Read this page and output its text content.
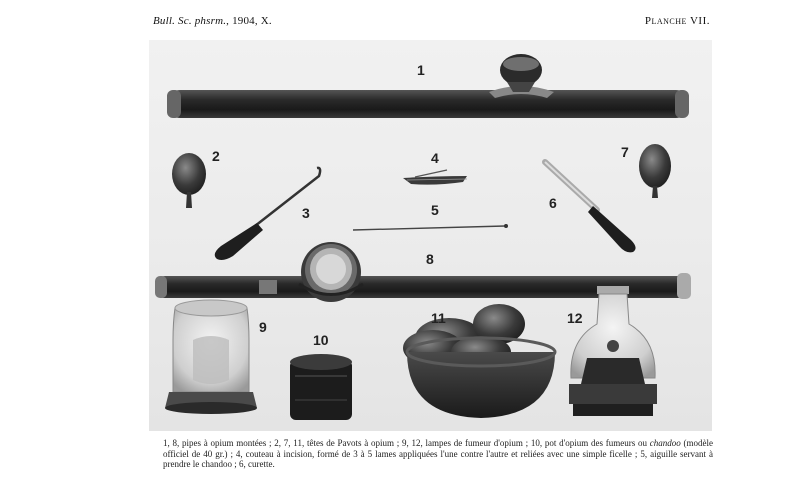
Bull. Sc. phsrm., 1904, X.	Planche VII.
1
2
3
4
5	6
7
8
9
10
11	12
1, 8, pipes à opium montées ; 2, 7, 11, têtes de Pavots à opium ; 9, 12, lampes de fumeur d'opium ; 10, pot d'opium des fumeurs ou chandoo (modèle officiel de 40 gr.) ; 4, couteau à incision, formé de 3 à 5 lames appliquées l'une contre l'autre et reliées avec une simple ficelle ; 5, aiguille servant à prendre le chandoo ; 6, curette.
